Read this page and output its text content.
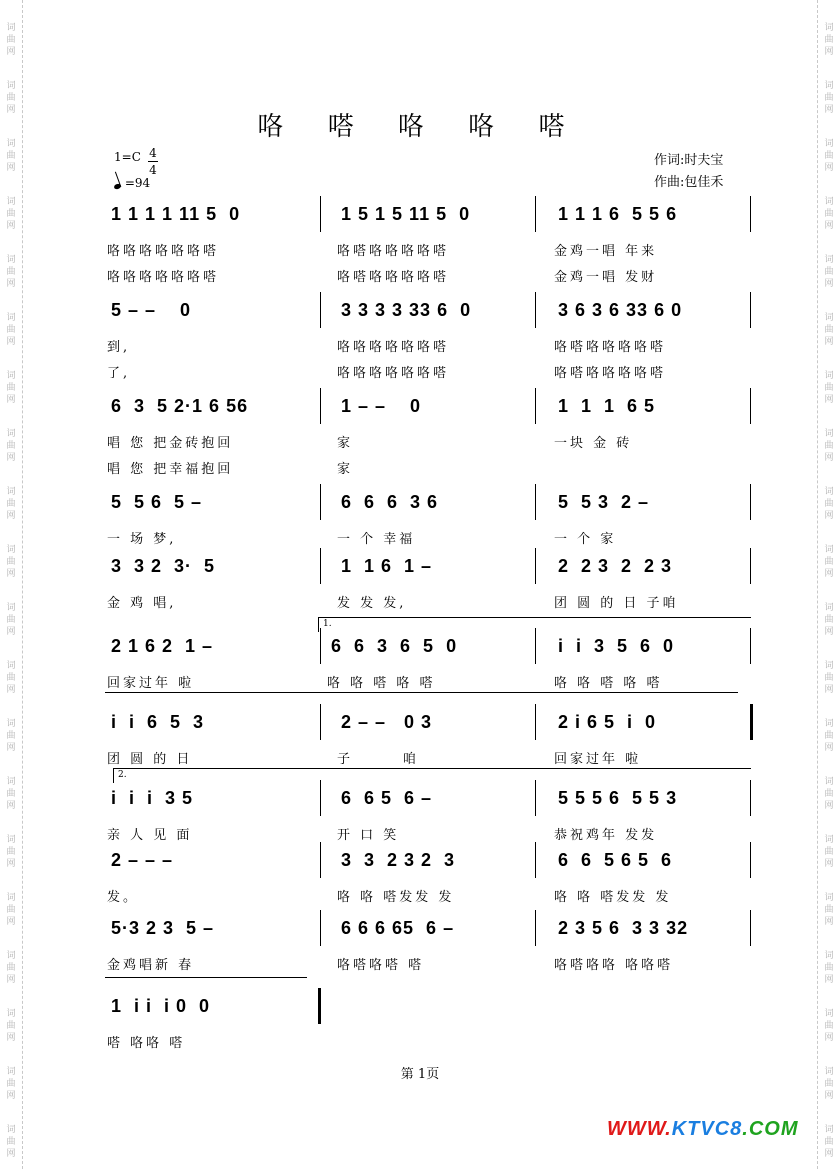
词曲网
词曲网
词曲网
词曲网
词曲网
词曲网
词曲网
词曲网
词曲网
词曲网
词曲网
词曲网
词曲网
词曲网
词曲网
词曲网
词曲网
词曲网
词曲网
词曲网
词曲网
词曲网
词曲网
词曲网
词曲网
词曲网
词曲网
词曲网
词曲网
词曲网
词曲网
词曲网
词曲网
词曲网
词曲网
词曲网
词曲网
词曲网
词曲网
词曲网
咯 嗒 咯 咯 嗒
1=C 4
4
=94
作词:时夫宝
作曲:包佳禾
1 1 1 1 11 5  0	1 5 1 5 11 5  0	1 1 1 6  5 5 6
咯咯咯咯咯咯嗒	咯嗒咯咯咯咯嗒	金鸡一唱 年来
咯咯咯咯咯咯嗒	咯嗒咯咯咯咯嗒	金鸡一唱 发财
5 – –    0	3 3 3 3 33 6  0	3 6 3 6 33 6 0
到,	咯咯咯咯咯咯嗒	咯嗒咯咯咯咯嗒
了,	咯咯咯咯咯咯嗒	咯嗒咯咯咯咯嗒
6  3  5 2·1 6 56	1 – –    0	1  1  1  6 5
唱 您 把金砖抱回	家	一块 金 砖
唱 您 把幸福抱回	家
5  5 6  5 –	6  6  6  3 6	5  5 3  2 –
一 场 梦,	一 个 幸福	一 个 家
3  3 2  3·  5	1  1 6  1 –	2  2 3  2  2 3
金 鸡 唱,	发 发 发,	团 圆 的 日 子咱
2 1 6 2  1 –	6  6  3  6  5  0	i  i  3  5  6  0
回家过年 啦	咯 咯 嗒 咯 嗒	咯 咯 嗒 咯 嗒
i  i  6  5  3	2 – –   0 3	2 i 6 5  i  0
团 圆 的 日	子       咱	回家过年 啦
i  i  i  3 5	6  6 5  6 –	5 5 5 6  5 5 3
亲 人 见 面	开 口 笑	恭祝鸡年 发发
2 – – –	3  3  2 3 2  3	6  6  5 6 5  6
发。	咯 咯 嗒发发 发	咯 咯 嗒发发 发
5·3 2 3  5 –	6 6 6 65  6 –	2 3 5 6  3 3 32
金鸡唱新 春	咯嗒咯嗒 嗒	咯嗒咯咯 咯咯嗒
1  i i  i 0  0
嗒 咯咯 嗒
1.
2.
第 1页
WWW.KTVC8.COM
